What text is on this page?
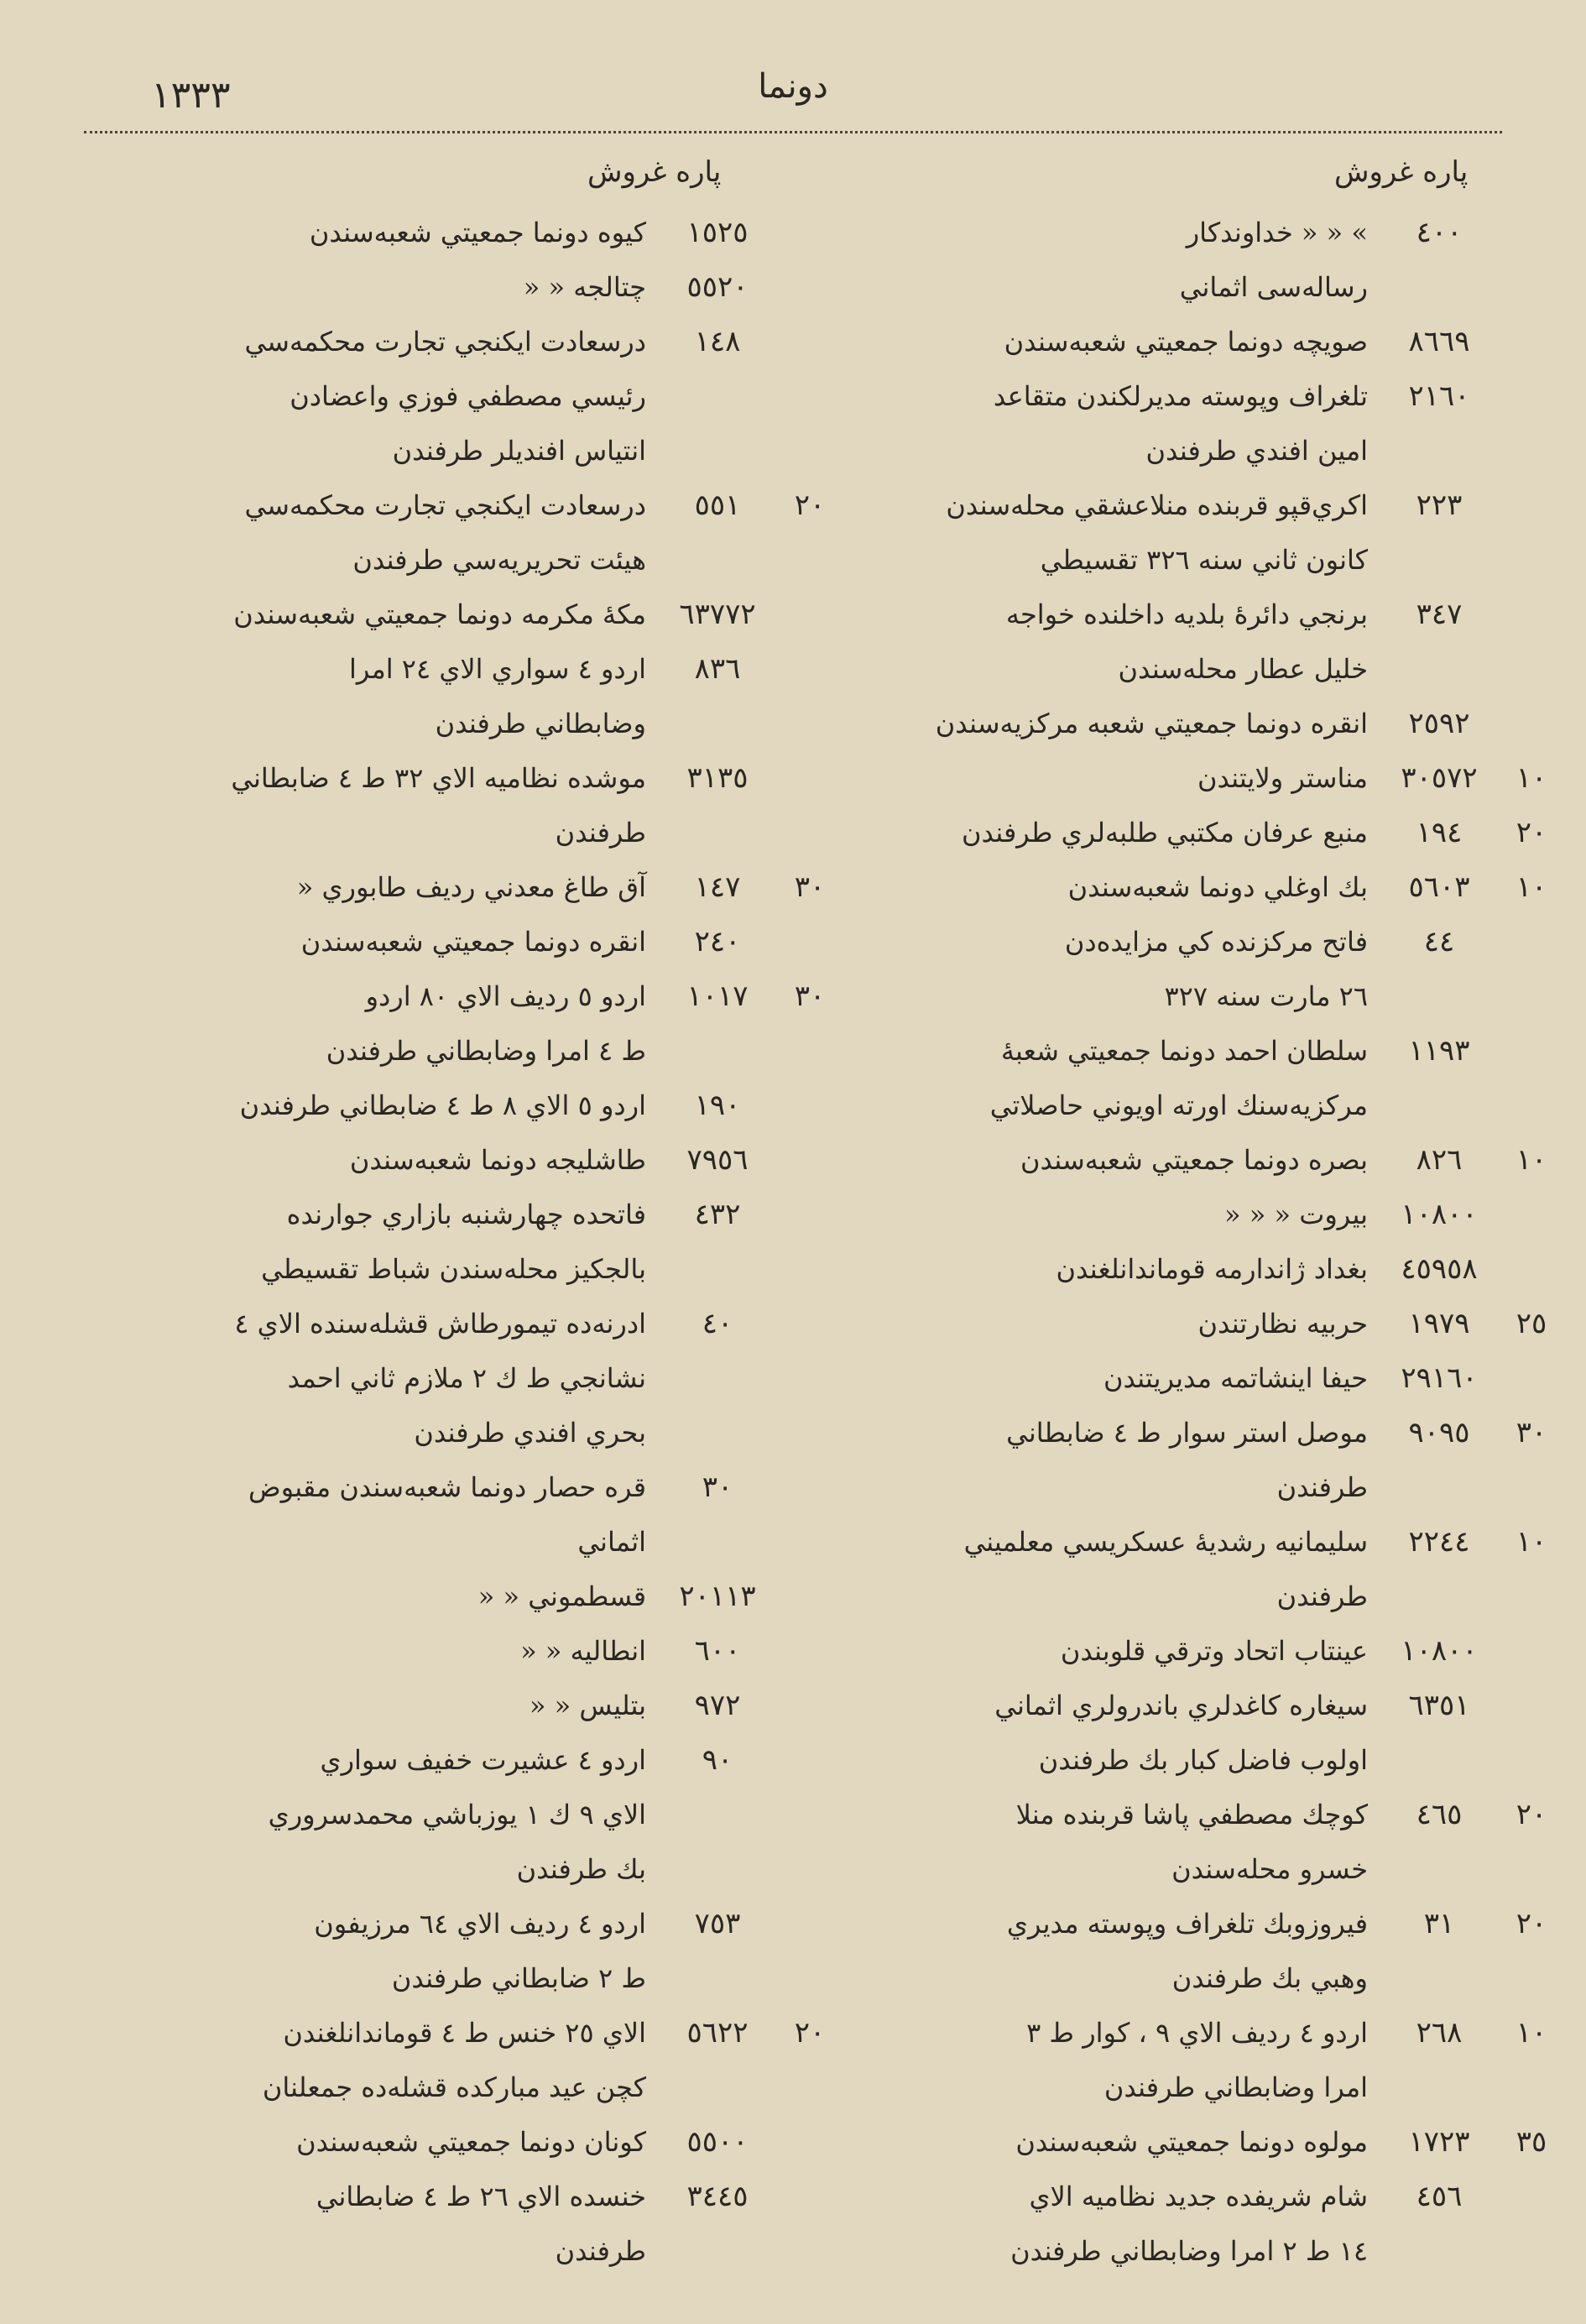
١٣٣٣	دونما
پاره غروش
پاره غروش
٤٠٠
» « « خداوندكار
رساله‌سی اثماني
٨٦٦٩
صويچه دونما جمعيتي شعبه‌سندن
٢١٦٠
تلغراف وپوسته مديرلكندن متقاعد
امين افندي طرفندن
٢٢٣
اكري‌قپو قربنده منلاعشقي محله‌سندن
كانون ثاني سنه ٣٢٦ تقسيطي
٣٤٧
برنجي دائرهٔ بلديه داخلنده خواجه
خليل عطار محله‌سندن
٢٥٩٢
انقره دونما جمعيتي شعبه مركزيه‌سندن
١٠
٣٠٥٧٢
مناستر ولايتندن
٢٠
١٩٤
منبع عرفان مكتبي طلبه‌لري طرفندن
١٠
٥٦٠٣
بك اوغلي دونما شعبه‌سندن
٤٤
فاتح مركزنده كي مزايده‌دن
٢٦ مارت سنه ٣٢٧
١١٩٣
سلطان احمد دونما جمعيتي شعبهٔ
مركزيه‌سنك اورته اويوني حاصلاتي
١٠
٨٢٦
بصره دونما جمعيتي شعبه‌سندن
١٠٨٠٠
بيروت « « «
٤٥٩٥٨
بغداد ژاندارمه قوماندانلغندن
٢٥
١٩٧٩
حربيه نظارتندن
٢٩١٦٠
حيفا اينشاتمه مديريتندن
٣٠
٩٠٩٥
موصل استر سوار ط ٤ ضابطاني
طرفندن
١٠
٢٢٤٤
سليمانيه رشديهٔ عسكريسي معلميني
طرفندن
١٠٨٠٠
عينتاب اتحاد وترقي قلوبندن
٦٣٥١
سيغاره كاغدلري باندرولري اثماني
اولوب فاضل كبار بك طرفندن
٢٠
٤٦٥
كوچك مصطفي پاشا قربنده منلا
خسرو محله‌سندن
٢٠
٣١
فيروزوبك تلغراف وپوسته مديري
وهبي بك طرفندن
١٠
٢٦٨
اردو ٤ رديف الاي ٩ ، كوار ط ٣
امرا وضابطاني طرفندن
٣٥
١٧٢٣
مولوه دونما جمعيتي شعبه‌سندن
٤٥٦
شام شريفده جديد نظاميه الاي
١٤ ط ٢ امرا وضابطاني طرفندن
١٥٢٥
كيوه دونما جمعيتي شعبه‌سندن
٥٥٢٠
چتالجه « «
١٤٨
درسعادت ايكنجي تجارت محكمه‌سي
رئيسي مصطفي فوزي واعضادن
انتياس افنديلر طرفندن
٢٠
٥٥١
درسعادت ايكنجي تجارت محكمه‌سي
هيئت تحريريه‌سي طرفندن
٦٣٧٧٢
مكهٔ مكرمه دونما جمعيتي شعبه‌سندن
٨٣٦
اردو ٤ سواري الاي ٢٤ امرا
وضابطاني طرفندن
٣١٣٥
موشده نظاميه الاي ٣٢ ط ٤ ضابطاني
طرفندن
٣٠
١٤٧
آق طاغ معدني رديف طابوري «
٢٤٠
انقره دونما جمعيتي شعبه‌سندن
٣٠
١٠١٧
اردو ٥ رديف الاي ٨٠ اردو
ط ٤ امرا وضابطاني طرفندن
١٩٠
اردو ٥ الاي ٨ ط ٤ ضابطاني طرفندن
٧٩٥٦
طاشليجه دونما شعبه‌سندن
٤٣٢
فاتحده چهارشنبه بازاري جوارنده
بالجكيز محله‌سندن شباط تقسيطي
٤٠
ادرنه‌ده تيمورطاش قشله‌سنده الاي ٤
نشانجي ط ك ٢ ملازم ثاني احمد
بحري افندي طرفندن
٣٠
قره حصار دونما شعبه‌سندن مقبوض
اثماني
٢٠١١٣
قسطموني « «
٦٠٠
انطاليه « «
٩٧٢
بتليس « «
٩٠
اردو ٤ عشيرت خفيف سواري
الاي ٩ ك ١ يوزباشي محمدسروري
بك طرفندن
٧٥٣
اردو ٤ رديف الاي ٦٤ مرزيفون
ط ٢ ضابطاني طرفندن
٢٠
٥٦٢٢
الاي ٢٥ خنس ط ٤ قوماندانلغندن
كچن عيد مباركده قشله‌ده جمعلنان
٥٥٠٠
كونان دونما جمعيتي شعبه‌سندن
٣٤٤٥
خنسده الاي ٢٦ ط ٤ ضابطاني
طرفندن
